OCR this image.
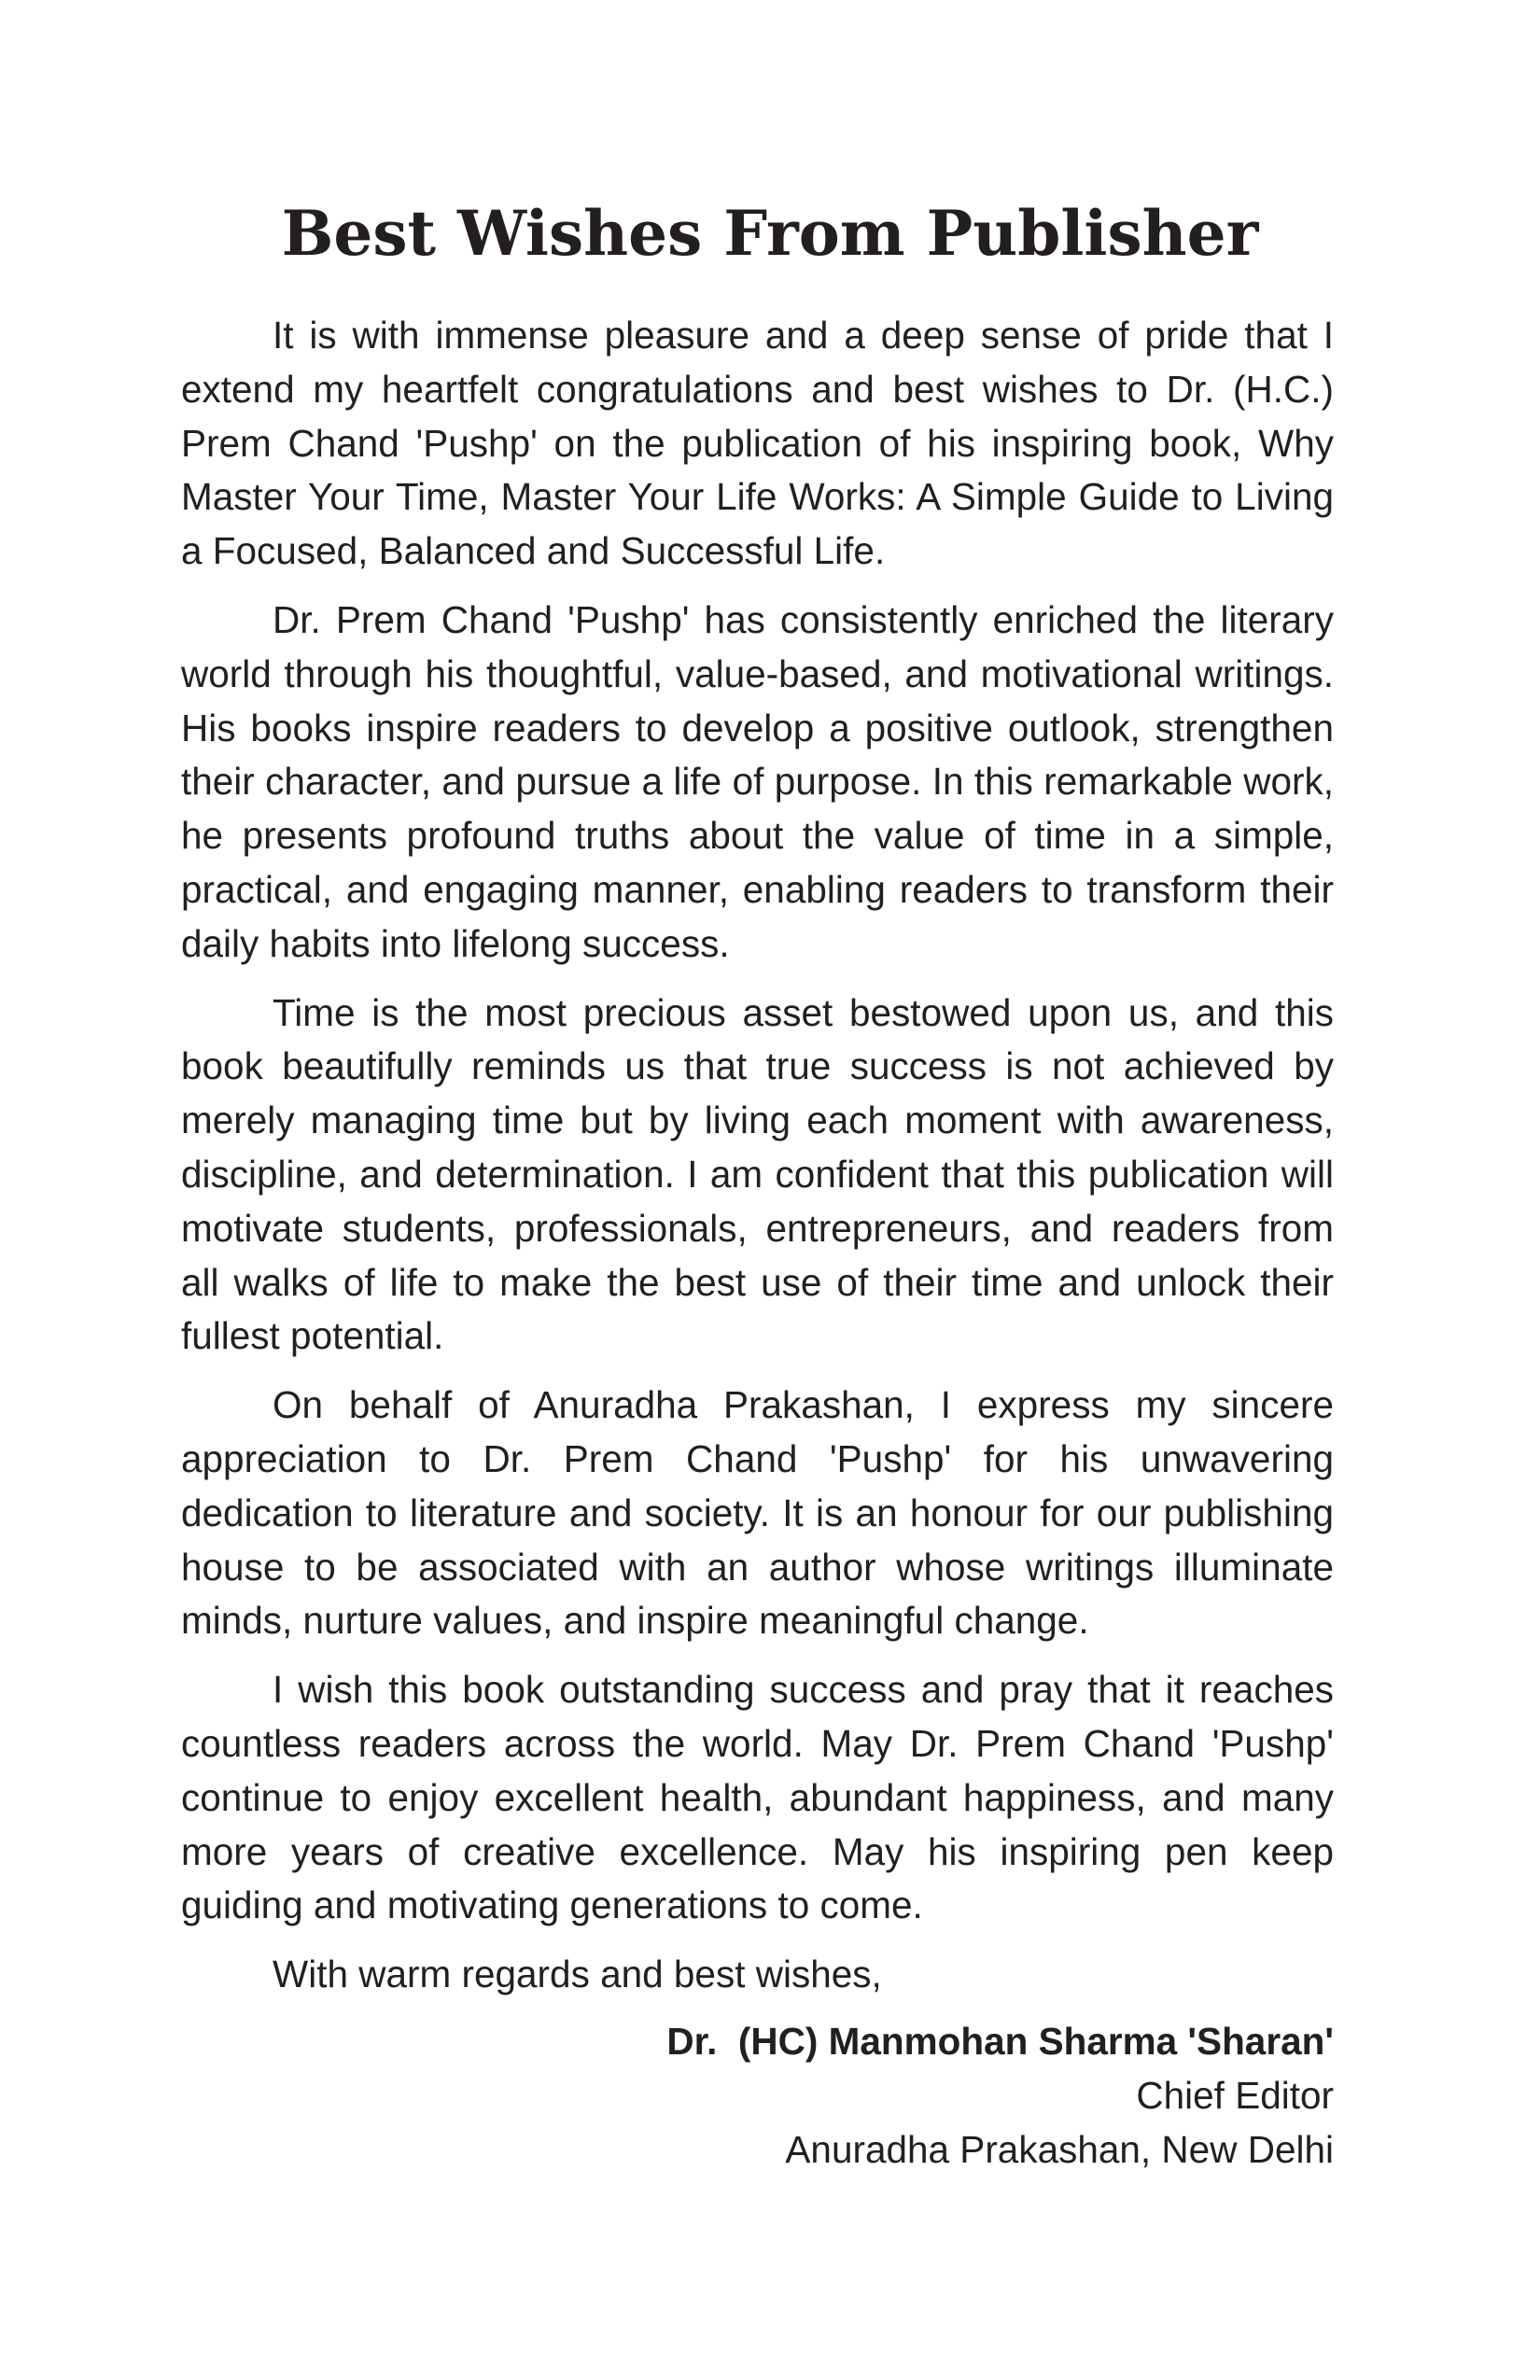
Best Wishes From Publisher

It is with immense pleasure and a deep sense of pride that I extend my heartfelt congratulations and best wishes to Dr. (H.C.) Prem Chand 'Pushp' on the publication of his inspiring book, Why Master Your Time, Master Your Life Works: A Simple Guide to Living a Focused, Balanced and Successful Life.

Dr. Prem Chand 'Pushp' has consistently enriched the literary world through his thoughtful, value-based, and motivational writings. His books inspire readers to develop a positive outlook, strengthen their character, and pursue a life of purpose. In this remarkable work, he presents profound truths about the value of time in a simple, practical, and engaging manner, enabling readers to transform their daily habits into lifelong success.

Time is the most precious asset bestowed upon us, and this book beautifully reminds us that true success is not achieved by merely managing time but by living each moment with awareness, discipline, and determination. I am confident that this publication will motivate students, professionals, entrepreneurs, and readers from all walks of life to make the best use of their time and unlock their fullest potential.

On behalf of Anuradha Prakashan, I express my sincere appreciation to Dr. Prem Chand 'Pushp' for his unwavering dedication to literature and society. It is an honour for our publishing house to be associated with an author whose writings illuminate minds, nurture values, and inspire meaningful change.

I wish this book outstanding success and pray that it reaches countless readers across the world. May Dr. Prem Chand 'Pushp' continue to enjoy excellent health, abundant happiness, and many more years of creative excellence. May his inspiring pen keep guiding and motivating generations to come.

With warm regards and best wishes,

Dr.  (HC) Manmohan Sharma 'Sharan'

Chief Editor

Anuradha Prakashan, New Delhi
